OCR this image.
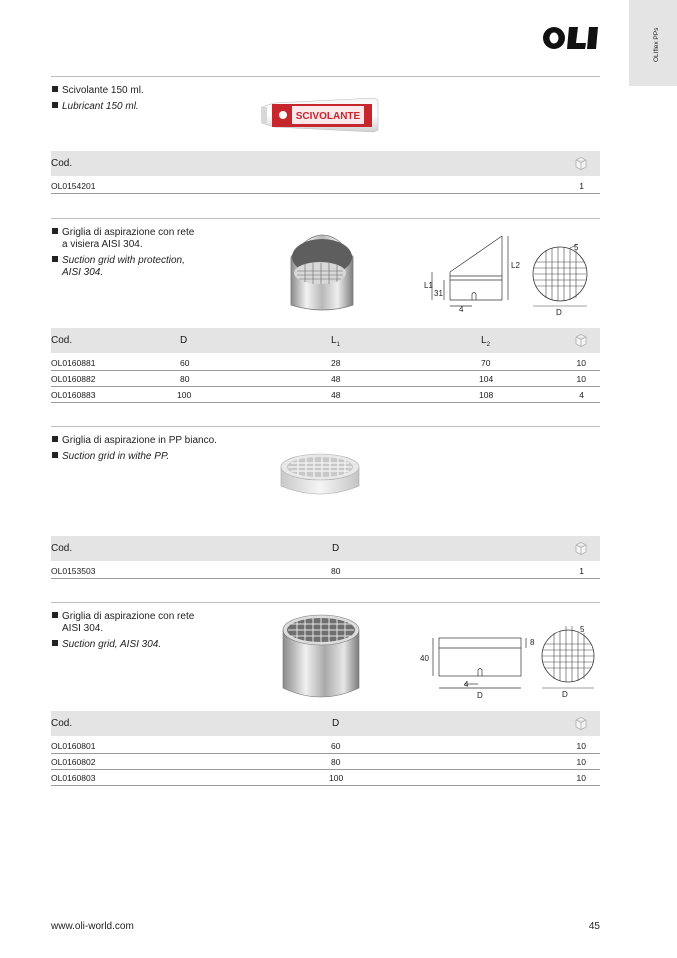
OLIflex PPs
Scivolante 150 ml.
Lubricant 150 ml.
SCIVOLANTE
Cod.
OL0154201	1
Griglia di aspirazione con rete
a visiera AISI 304.
Suction grid with protection,
AISI 304.
L2
L1
31
4
5
D
Cod.	D	$L_1$	$L_2$
OL0160881	60	28	70	10
OL0160882	80	48	104	10
OL0160883	100	48	108	4
Griglia di aspirazione in PP bianco.
Suction grid in withe PP.
Cod.	D
OL0153503	80	1
Griglia di aspirazione con rete
AISI 304.
Suction grid, AISI 304.
40
4
D
8
5
D
Cod.	D
OL0160801	60	10
OL0160802	80	10
OL0160803	100	10
www.oli-world.com	45
